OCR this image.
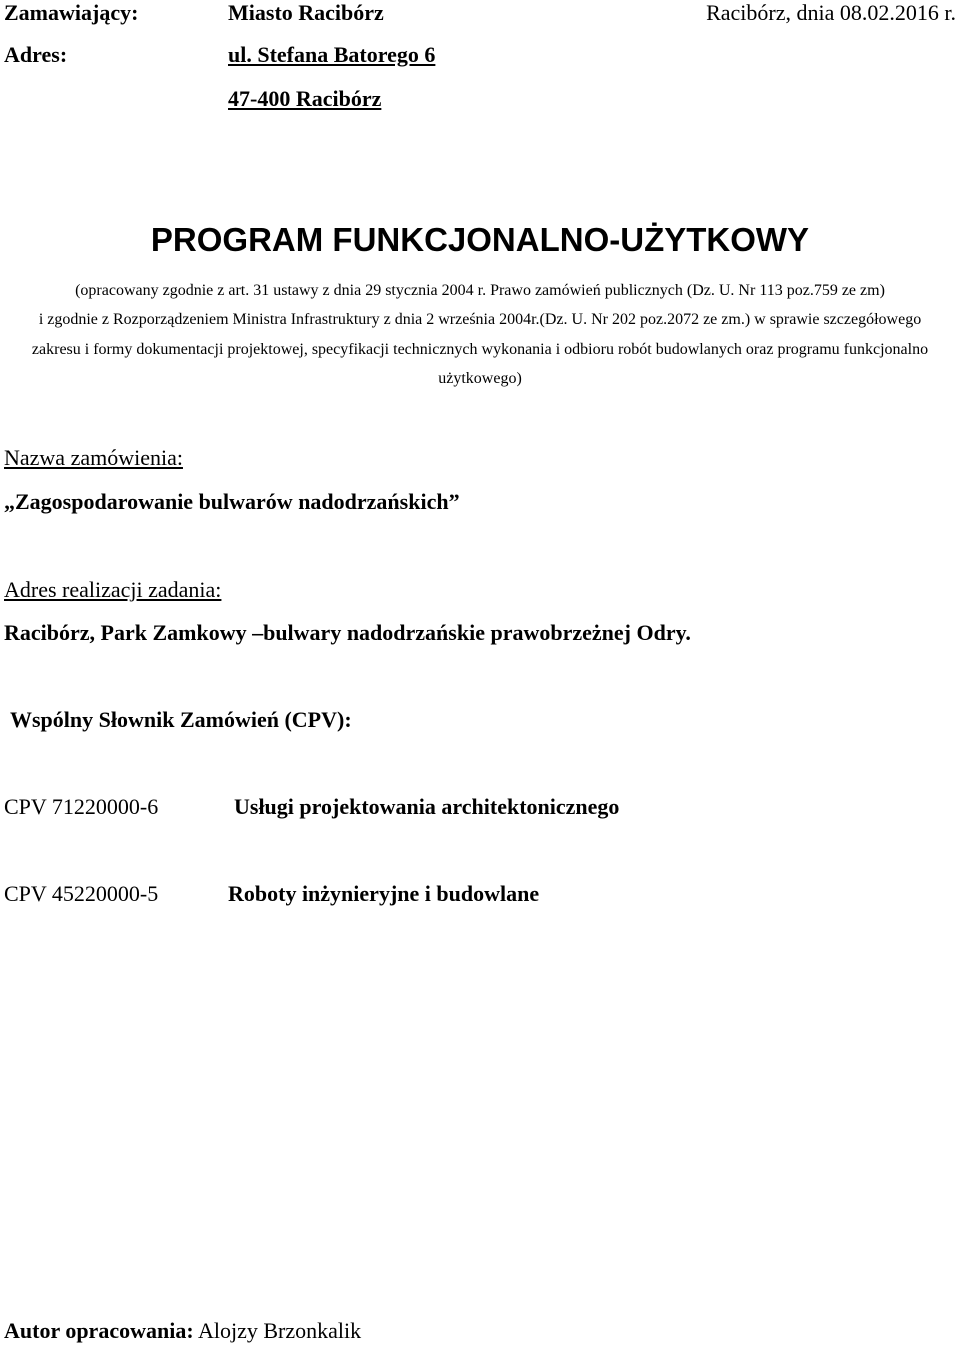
Zamawiający:	Miasto Racibórz	Racibórz, dnia 08.02.2016 r.
Adres:	ul. Stefana Batorego 6
47-400 Racibórz
PROGRAM FUNKCJONALNO-UŻYTKOWY
(opracowany zgodnie z art. 31 ustawy z dnia 29 stycznia 2004 r. Prawo zamówień publicznych (Dz. U. Nr 113 poz.759 ze zm)
i zgodnie z Rozporządzeniem Ministra Infrastruktury z dnia 2 września 2004r.(Dz. U. Nr 202 poz.2072 ze zm.) w sprawie szczegółowego
zakresu i formy dokumentacji projektowej, specyfikacji technicznych wykonania i odbioru robót budowlanych oraz programu funkcjonalno
użytkowego)
Nazwa zamówienia:
„Zagospodarowanie bulwarów nadodrzańskich”
Adres realizacji zadania:
Racibórz, Park Zamkowy –bulwary nadodrzańskie prawobrzeżnej Odry.
Wspólny Słownik Zamówień (CPV):
CPV 71220000-6	Usługi projektowania architektonicznego
CPV 45220000-5	Roboty inżynieryjne i budowlane
Autor opracowania: Alojzy Brzonkalik
